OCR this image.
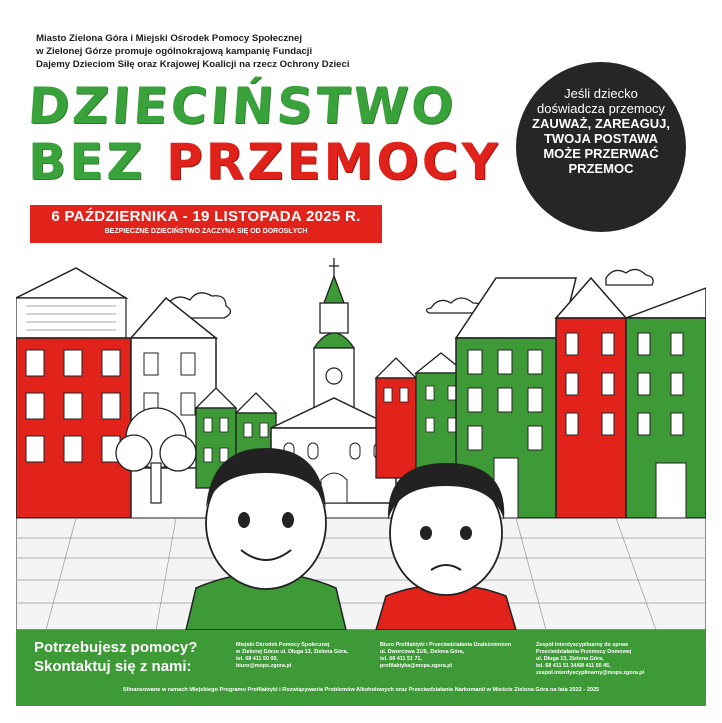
Miasto Zielona Góra i Miejski Ośrodek Pomocy Społecznej
w Zielonej Górze promuje ogólnokrajową kampanię Fundacji
Dajemy Dzieciom Siłę oraz Krajowej Koalicji na rzecz Ochrony Dzieci
DZIECIŃSTWO
BEZ PRZEMOCY
Jeśli dziecko
doświadcza przemocy
ZAUWAŻ, ZAREAGUJ,
TWOJA POSTAWA
MOŻE PRZERWAĆ
PRZEMOC
6 PAŹDZIERNIKA - 19 LISTOPADA 2025 R.
BEZPIECZNE DZIECIŃSTWO ZACZYNA SIĘ OD DOROSŁYCH
Potrzebujesz pomocy?
Skontaktuj się z nami:
Miejski Ośrodek Pomocy Społecznej
w Zielonej Górze ul. Długa 13, Zielona Góra,
tel. 68 411 50 00,
biuro@mops.zgora.pl
Biuro Profilaktyki i Przeciwdziałania Uzależnieniom
ul. Dworcowa 31/6, Zielona Góra,
tel. 68 411 51 71,
profilaktyka@mops.zgora.pl
Zespół Interdyscyplinarny do spraw
Przeciwdziałania Przemocy Domowej
ul. Długa 13, Zielona Góra,
tel. 68 411 51 34/68 411 50 45,
zespol.interdyscyplinarny@mops.zgora.pl
Sfinansowane w ramach Miejskiego Programu Profilaktyki i Rozwiązywania Problemów Alkoholowych oraz Przeciwdziałania Narkomanii w Mieście Zielona Góra na lata 2022 - 2025
